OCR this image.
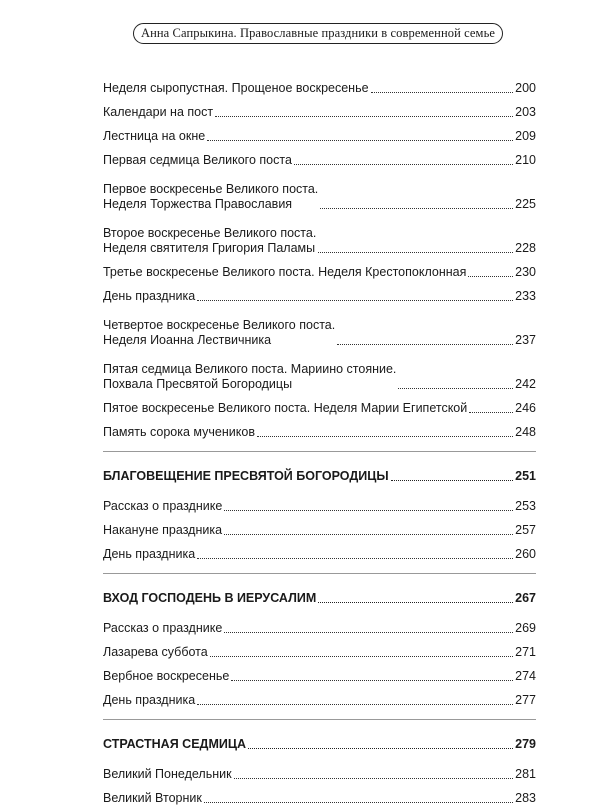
Анна Сапрыкина. Православные праздники в современной семье
Неделя сыропустная. Прощеное воскресенье	200
Календари на пост	203
Лестница на окне	209
Первая седмица Великого поста	210
Первое воскресенье Великого поста.
Неделя Торжества Православия	225
Второе воскресенье Великого поста.
Неделя святителя Григория Паламы	228
Третье воскресенье Великого поста. Неделя Крестопоклонная	230
День праздника	233
Четвертое воскресенье Великого поста.
Неделя Иоанна Лествичника	237
Пятая седмица Великого поста. Мариино стояние.
Похвала Пресвятой Богородицы	242
Пятое воскресенье Великого поста. Неделя Марии Египетской	246
Память сорока мучеников	248
БЛАГОВЕЩЕНИЕ ПРЕСВЯТОЙ БОГОРОДИЦЫ	251
Рассказ о празднике	253
Накануне праздника	257
День праздника	260
ВХОД ГОСПОДЕНЬ В ИЕРУСАЛИМ	267
Рассказ о празднике	269
Лазарева суббота	271
Вербное воскресенье	274
День праздника	277
СТРАСТНАЯ СЕДМИЦА	279
Великий Понедельник	281
Великий Вторник	283
